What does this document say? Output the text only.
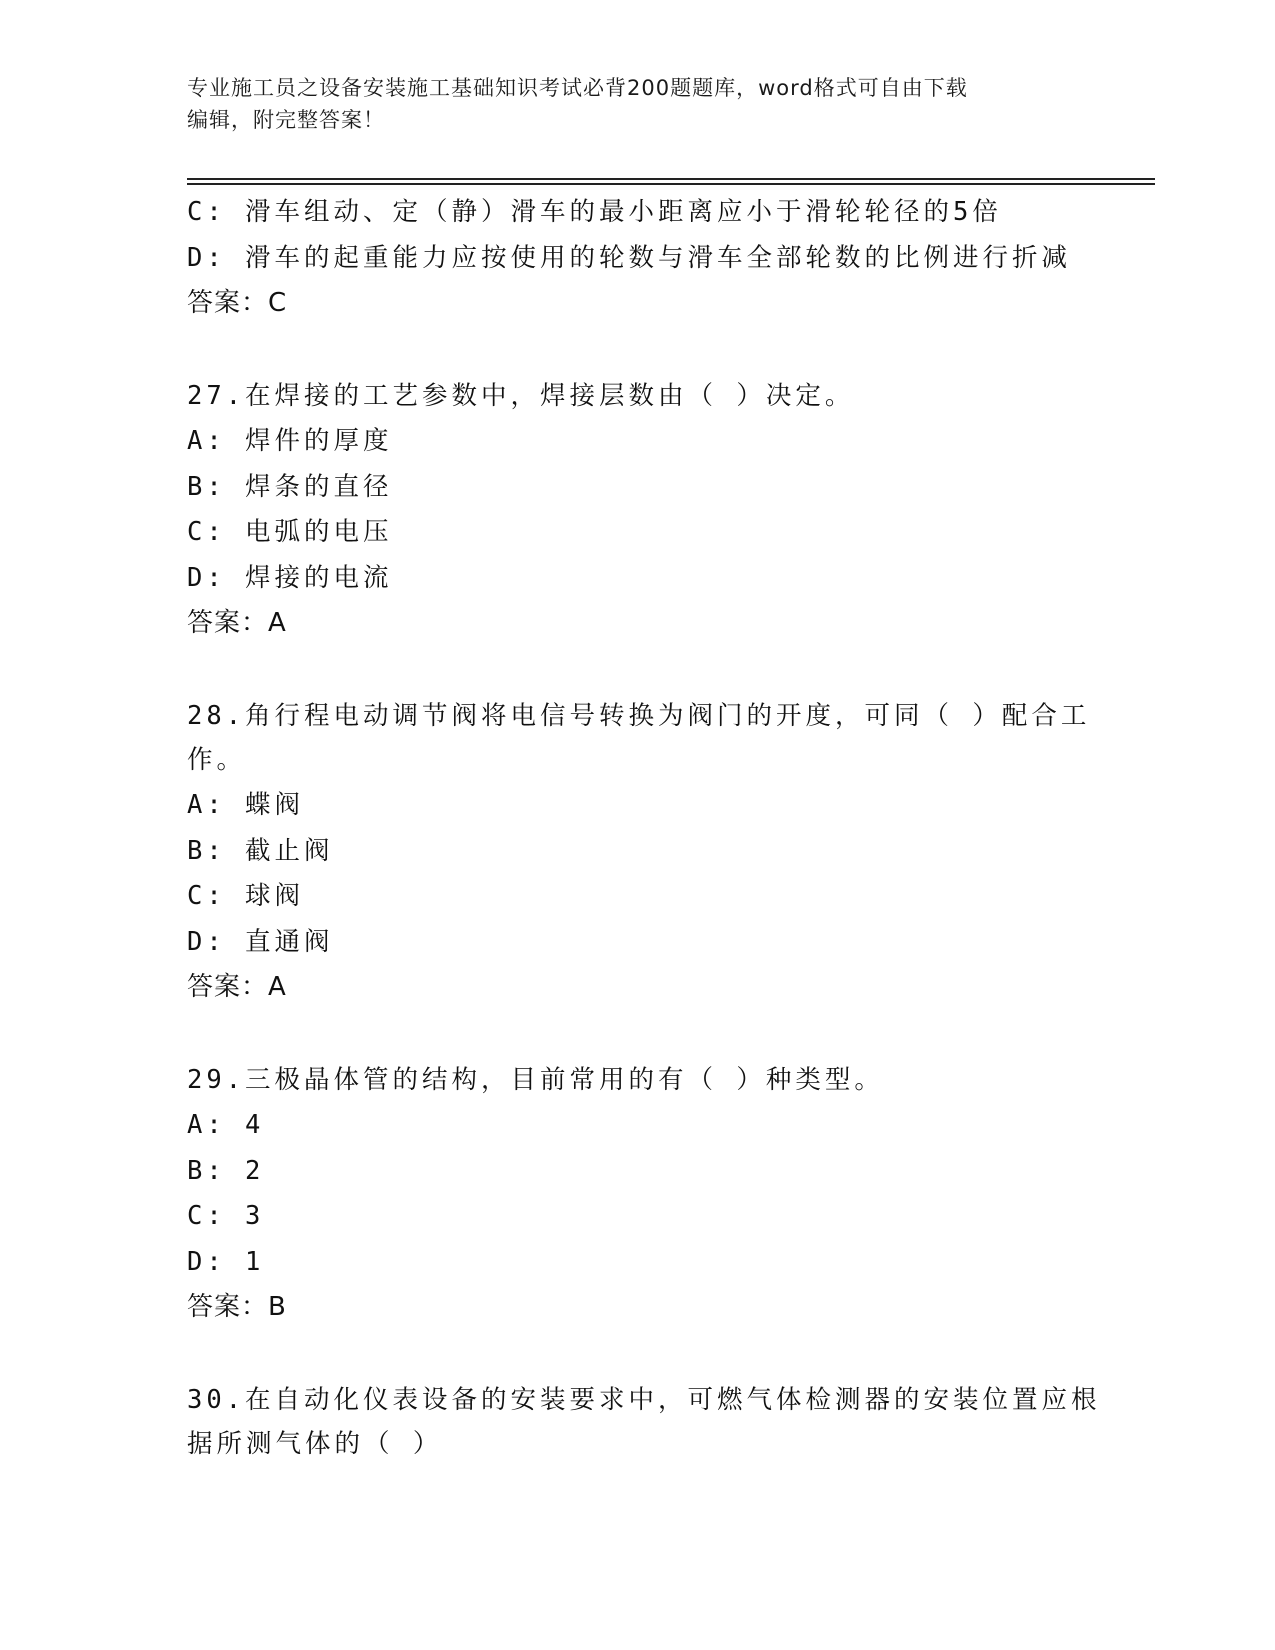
专业施工员之设备安装施工基础知识考试必背200题题库，word格式可自由下载
编辑，附完整答案！
C: 滑车组动、定（静）滑车的最小距离应小于滑轮轮径的5倍
D: 滑车的起重能力应按使用的轮数与滑车全部轮数的比例进行折减
答案：C
27.在焊接的工艺参数中，焊接层数由（ ）决定。
A: 焊件的厚度
B: 焊条的直径
C: 电弧的电压
D: 焊接的电流
答案：A
28.角行程电动调节阀将电信号转换为阀门的开度，可同（ ）配合工
作。
A: 蝶阀
B: 截止阀
C: 球阀
D: 直通阀
答案：A
29.三极晶体管的结构，目前常用的有（ ）种类型。
A: 4
B: 2
C: 3
D: 1
答案：B
30.在自动化仪表设备的安装要求中，可燃气体检测器的安装位置应根
据所测气体的（ ）
